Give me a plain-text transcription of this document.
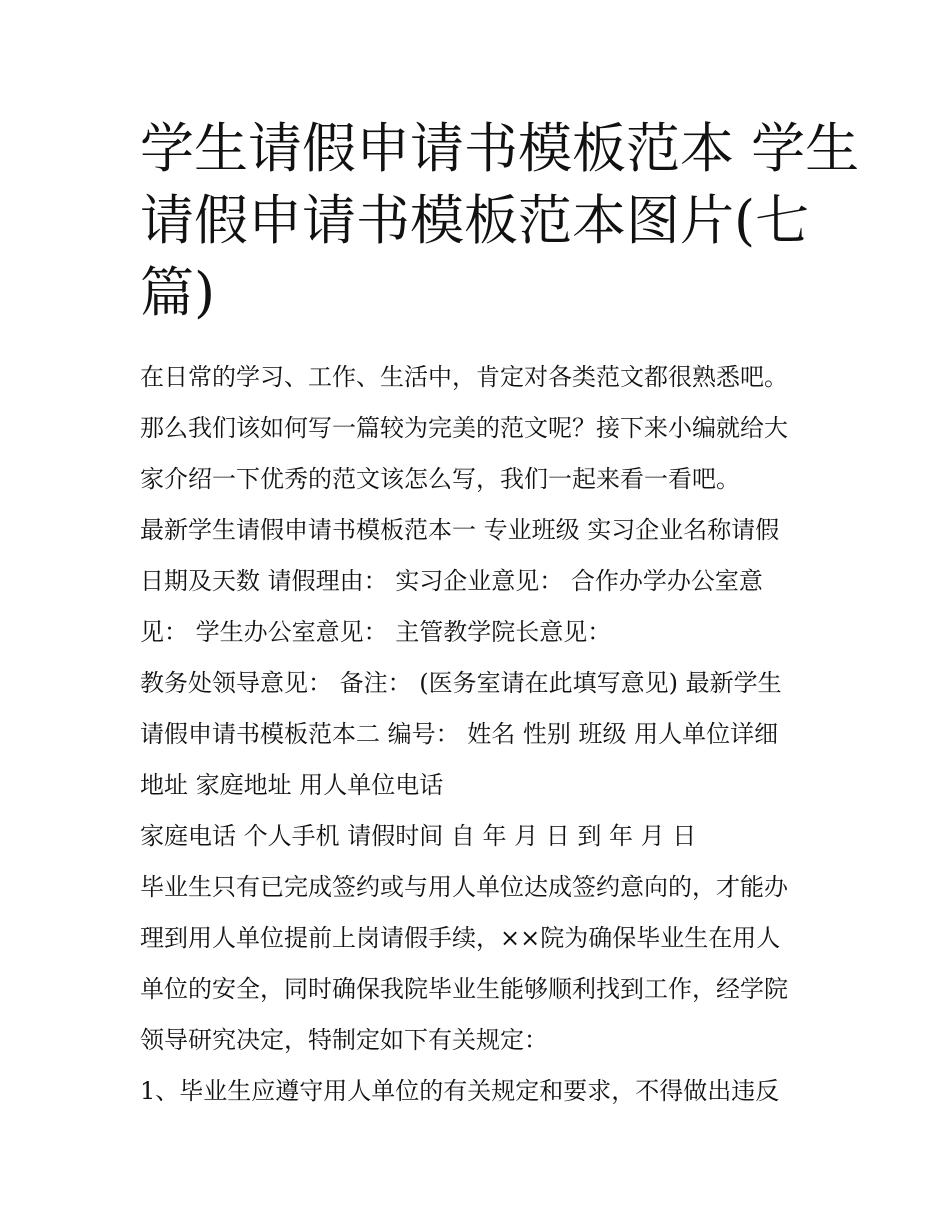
学生请假申请书模板范本 学生
请假申请书模板范本图片(七
篇)
在日常的学习、工作、生活中，肯定对各类范文都很熟悉吧。
那么我们该如何写一篇较为完美的范文呢？接下来小编就给大
家介绍一下优秀的范文该怎么写，我们一起来看一看吧。
最新学生请假申请书模板范本一 专业班级 实习企业名称请假
日期及天数 请假理由： 实习企业意见： 合作办学办公室意
见： 学生办公室意见： 主管教学院长意见：
教务处领导意见： 备注： (医务室请在此填写意见) 最新学生
请假申请书模板范本二 编号： 姓名 性别 班级 用人单位详细
地址 家庭地址 用人单位电话
家庭电话 个人手机 请假时间 自 年 月 日 到 年 月 日
毕业生只有已完成签约或与用人单位达成签约意向的，才能办
理到用人单位提前上岗请假手续，××院为确保毕业生在用人
单位的安全，同时确保我院毕业生能够顺利找到工作，经学院
领导研究决定，特制定如下有关规定：
1、毕业生应遵守用人单位的有关规定和要求，不得做出违反
